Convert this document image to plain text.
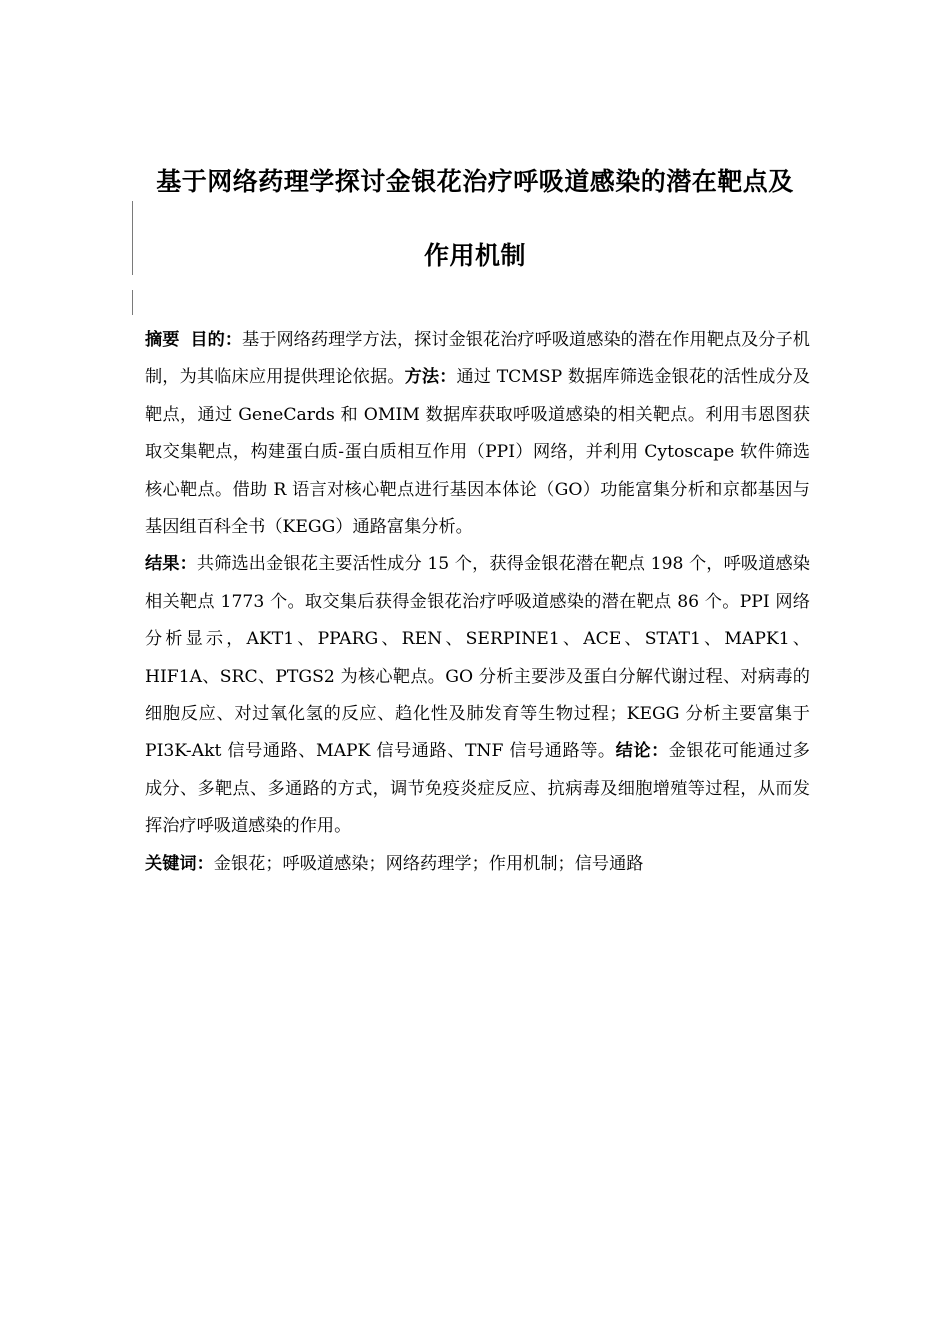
基于网络药理学探讨金银花治疗呼吸道感染的潜在靶点及
作用机制

摘要 目的：基于网络药理学方法，探讨金银花治疗呼吸道感染的潜在作用靶点及分子机制，为其临床应用提供理论依据。方法：通过 TCMSP 数据库筛选金银花的活性成分及靶点，通过 GeneCards 和 OMIM 数据库获取呼吸道感染的相关靶点。利用韦恩图获取交集靶点，构建蛋白质-蛋白质相互作用（PPI）网络，并利用 Cytoscape 软件筛选核心靶点。借助 R 语言对核心靶点进行基因本体论（GO）功能富集分析和京都基因与基因组百科全书（KEGG）通路富集分析。

结果：共筛选出金银花主要活性成分 15 个，获得金银花潜在靶点 198 个，呼吸道感染相关靶点 1773 个。取交集后获得金银花治疗呼吸道感染的潜在靶点 86 个。PPI 网络分析显示，AKT1、PPARG、REN、SERPINE1、ACE、STAT1、MAPK1、HIF1A、SRC、PTGS2 为核心靶点。GO 分析主要涉及蛋白分解代谢过程、对病毒的细胞反应、对过氧化氢的反应、趋化性及肺发育等生物过程；KEGG 分析主要富集于 PI3K-Akt 信号通路、MAPK 信号通路、TNF 信号通路等。结论：金银花可能通过多成分、多靶点、多通路的方式，调节免疫炎症反应、抗病毒及细胞增殖等过程，从而发挥治疗呼吸道感染的作用。

关键词：金银花；呼吸道感染；网络药理学；作用机制；信号通路
